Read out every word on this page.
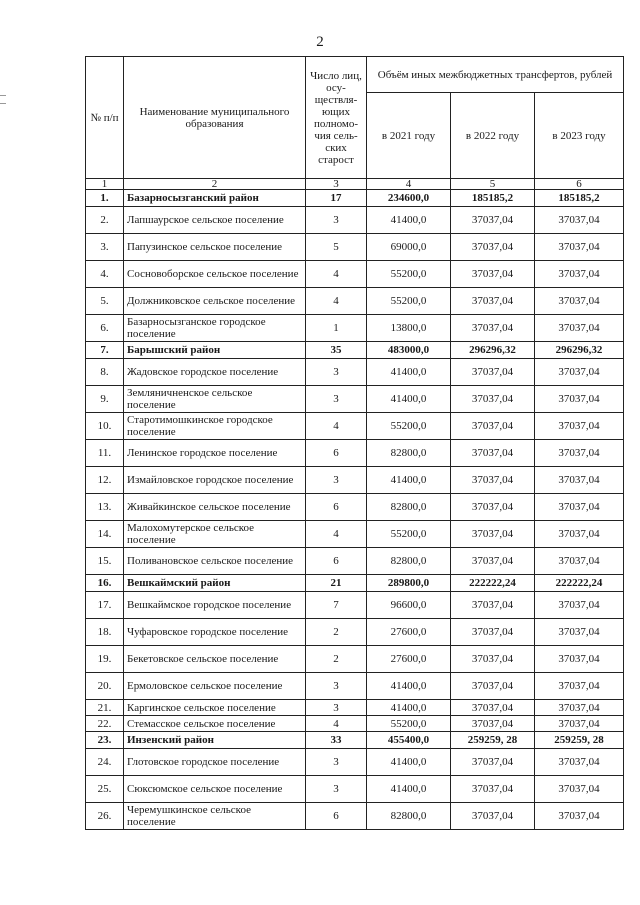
2
№ п/п	Наименование муниципального образования	Число лиц, осу-ществля-ющих полномо-чия сель-ских старост	Объём иных межбюджетных трансфертов, рублей		
			в 2021 году	в 2022 году	в 2023 году
1	2	3	4	5	6
1.	Базарносызганский район	17	234600,0	185185,2	185185,2
2.	Лапшаурское сельское поселение	3	41400,0	37037,04	37037,04
3.	Папузинское сельское поселение	5	69000,0	37037,04	37037,04
4.	Сосновоборское сельское поселение	4	55200,0	37037,04	37037,04
5.	Должниковское сельское поселение	4	55200,0	37037,04	37037,04
6.	Базарносызганское городское поселение	1	13800,0	37037,04	37037,04
7.	Барышский район	35	483000,0	296296,32	296296,32
8.	Жадовское городское поселение	3	41400,0	37037,04	37037,04
9.	Земляничненское сельское поселение	3	41400,0	37037,04	37037,04
10.	Старотимошкинское городское поселение	4	55200,0	37037,04	37037,04
11.	Ленинское городское поселение	6	82800,0	37037,04	37037,04
12.	Измайловское городское поселение	3	41400,0	37037,04	37037,04
13.	Живайкинское сельское поселение	6	82800,0	37037,04	37037,04
14.	Малохомутерское сельское поселение	4	55200,0	37037,04	37037,04
15.	Поливановское сельское поселение	6	82800,0	37037,04	37037,04
16.	Вешкаймский район	21	289800,0	222222,24	222222,24
17.	Вешкаймское городское поселение	7	96600,0	37037,04	37037,04
18.	Чуфаровское городское поселение	2	27600,0	37037,04	37037,04
19.	Бекетовское сельское поселение	2	27600,0	37037,04	37037,04
20.	Ермоловское сельское поселение	3	41400,0	37037,04	37037,04
21.	Каргинское сельское поселение	3	41400,0	37037,04	37037,04
22.	Стемасское сельское поселение	4	55200,0	37037,04	37037,04
23.	Инзенский район	33	455400,0	259259, 28	259259, 28
24.	Глотовское городское поселение	3	41400,0	37037,04	37037,04
25.	Сюксюмское сельское поселение	3	41400,0	37037,04	37037,04
26.	Черемушкинское сельское поселение	6	82800,0	37037,04	37037,04
